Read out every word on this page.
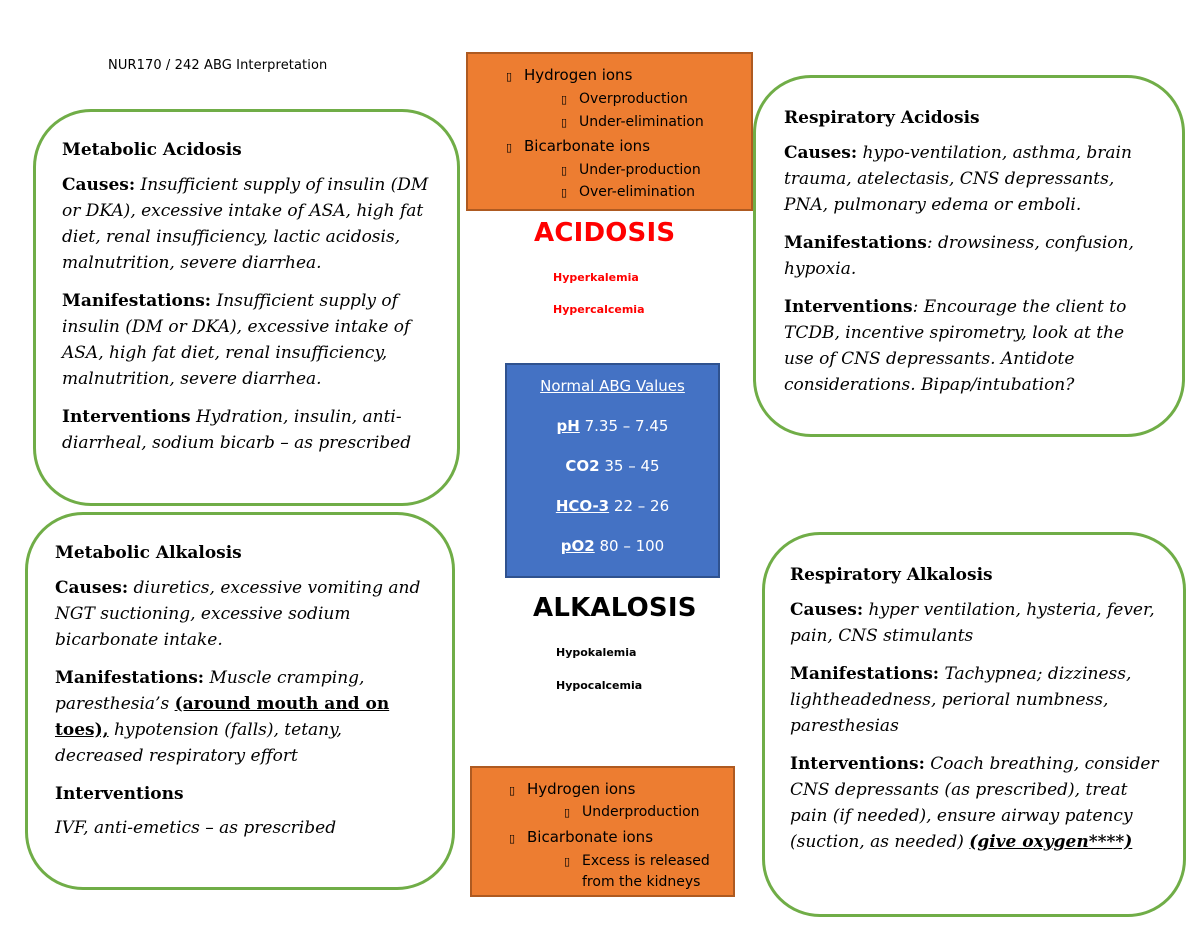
NUR170 / 242 ABG Interpretation
Metabolic Acidosis
Causes: Insufficient supply of insulin (DM or DKA), excessive intake of ASA, high fat diet, renal insufficiency, lactic acidosis, malnutrition, severe diarrhea.
Manifestations: Insufficient supply of insulin (DM or DKA), excessive intake of ASA, high fat diet, renal insufficiency, malnutrition, severe diarrhea.
Interventions Hydration, insulin, anti-diarrheal, sodium bicarb – as prescribed
Metabolic Alkalosis
Causes: diuretics, excessive vomiting and NGT suctioning, excessive sodium bicarbonate intake.
Manifestations: Muscle cramping, paresthesia’s (around mouth and on toes), hypotension (falls), tetany, decreased respiratory effort
Interventions
IVF, anti-emetics – as prescribed
Respiratory Acidosis
Causes: hypo-ventilation, asthma, brain trauma, atelectasis, CNS depressants, PNA, pulmonary edema or emboli.
Manifestations: drowsiness, confusion, hypoxia.
Interventions: Encourage the client to TCDB, incentive spirometry, look at the use of CNS depressants. Antidote considerations. Bipap/intubation?
Respiratory Alkalosis
Causes: hyper ventilation, hysteria, fever, pain, CNS stimulants
Manifestations: Tachypnea; dizziness, lightheadedness, perioral numbness, paresthesias
Interventions: Coach breathing, consider CNS depressants (as prescribed), treat pain (if needed), ensure airway patency (suction, as needed) (give oxygen****)
▯ Hydrogen ions
▯ Overproduction
▯ Under-elimination
▯ Bicarbonate ions
▯ Under-production
▯ Over-elimination
ACIDOSIS
Hyperkalemia
Hypercalcemia
Normal ABG Values
pH 7.35 – 7.45
CO2 35 – 45
HCO-3 22 – 26
pO2 80 – 100
ALKALOSIS
Hypokalemia
Hypocalcemia
▯ Hydrogen ions
▯ Underproduction
▯ Bicarbonate ions
▯ Excess is released
from the kidneys
